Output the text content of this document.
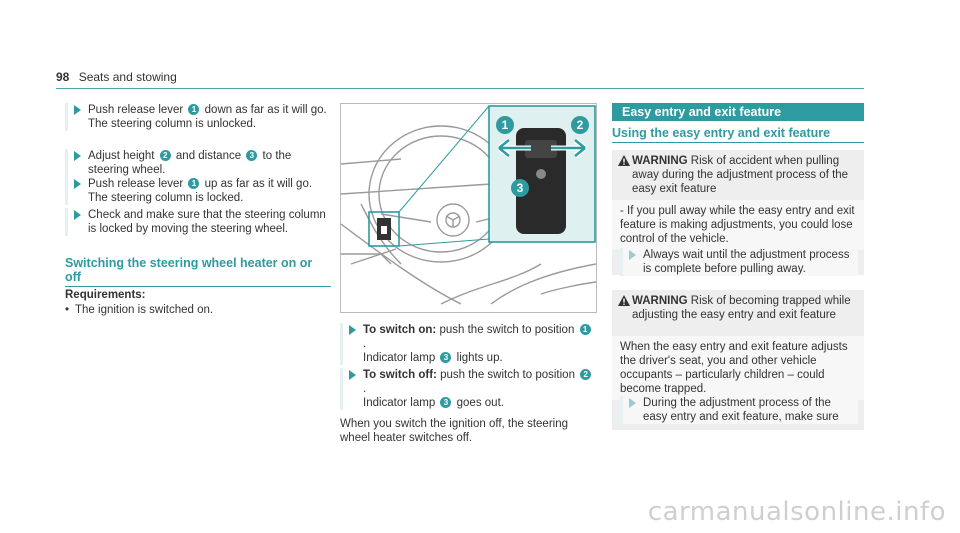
98 Seats and stowing
Push release lever 1 down as far as it will go.
The steering column is unlocked.
Adjust height 2 and distance 3 to the steering wheel.
Push release lever 1 up as far as it will go.
The steering column is locked.
Check and make sure that the steering column is locked by moving the steering wheel.
Switching the steering wheel heater on or off
Requirements:
• The ignition is switched on.
1	2
3
To switch on: push the switch to position 1.
Indicator lamp 3 lights up.
To switch off: push the switch to position 2.
Indicator lamp 3 goes out.
When you switch the ignition off, the steering wheel heater switches off.
Easy entry and exit feature
Using the easy entry and exit feature
WARNING Risk of accident when pulling away during the adjustment process of the easy exit feature
- If you pull away while the easy entry and exit feature is making adjustments, you could lose control of the vehicle.
Always wait until the adjustment process is complete before pulling away.
WARNING Risk of becoming trapped while adjusting the easy entry and exit feature
When the easy entry and exit feature adjusts the driver's seat, you and other vehicle occupants – particularly children – could become trapped.
During the adjustment process of the easy entry and exit feature, make sure
carmanualsonline.info
